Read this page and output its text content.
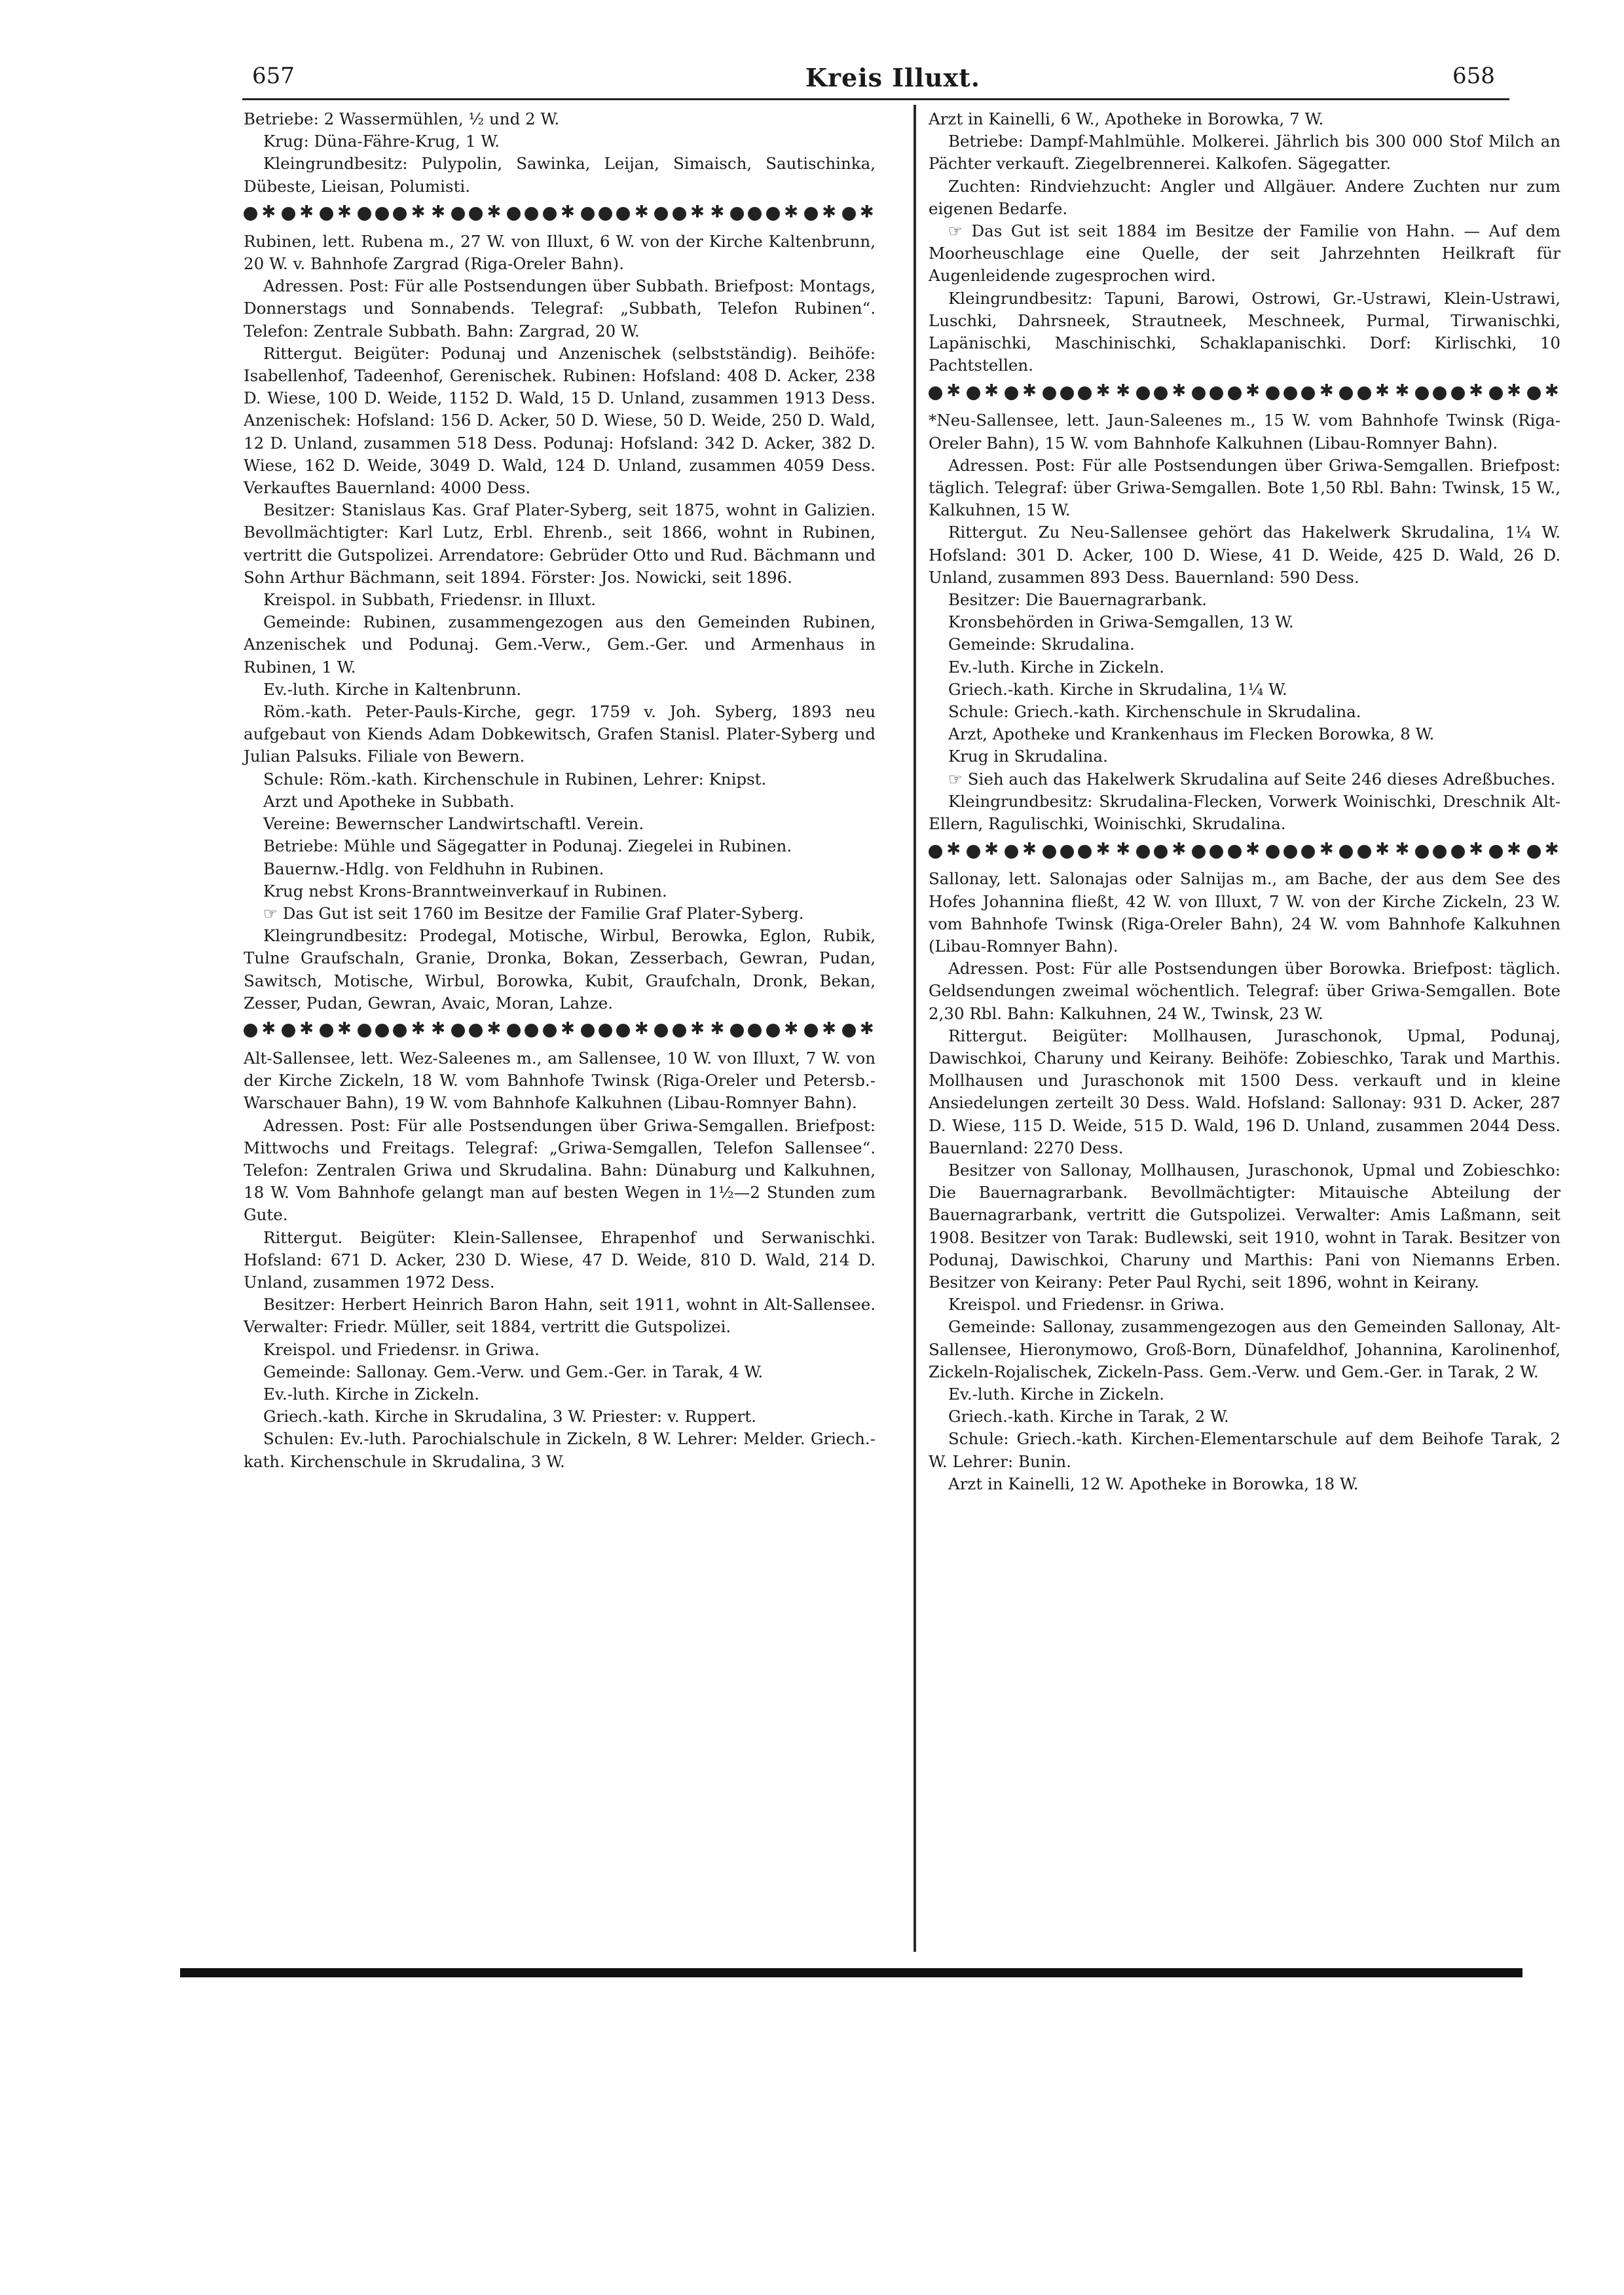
657	Kreis Illuxt.	658

Betriebe: 2 Wassermühlen, ½ und 2 W.

Krug: Düna-Fähre-Krug, 1 W.

Kleingrundbesitz: Pulypolin, Sawinka, Leijan, Simaisch, Sautischinka, Dübeste, Lieisan, Polumisti.

✱
✱
✱
✱
✱
✱
✱
✱
✱
✱
✱
✱
✱

Rubinen, lett. Rubena m., 27 W. von Illuxt, 6 W. von der Kirche Kaltenbrunn, 20 W. v. Bahnhofe Zargrad (Riga-Oreler Bahn).

Adressen. Post: Für alle Postsendungen über Subbath. Briefpost: Montags, Donnerstags und Sonnabends. Telegraf: „Subbath, Telefon Rubinen“. Telefon: Zentrale Subbath. Bahn: Zargrad, 20 W.

Rittergut. Beigüter: Podunaj und Anzenischek (selbstständig). Beihöfe: Isabellenhof, Tadeenhof, Gerenischek. Rubinen: Hofsland: 408 D. Acker, 238 D. Wiese, 100 D. Weide, 1152 D. Wald, 15 D. Unland, zusammen 1913 Dess. Anzenischek: Hofsland: 156 D. Acker, 50 D. Wiese, 50 D. Weide, 250 D. Wald, 12 D. Unland, zusammen 518 Dess. Podunaj: Hofsland: 342 D. Acker, 382 D. Wiese, 162 D. Weide, 3049 D. Wald, 124 D. Unland, zusammen 4059 Dess. Verkauftes Bauernland: 4000 Dess.

Besitzer: Stanislaus Kas. Graf Plater-Syberg, seit 1875, wohnt in Galizien. Bevollmächtigter: Karl Lutz, Erbl. Ehrenb., seit 1866, wohnt in Rubinen, vertritt die Gutspolizei. Arrendatore: Gebrüder Otto und Rud. Bächmann und Sohn Arthur Bächmann, seit 1894. Förster: Jos. Nowicki, seit 1896.

Kreispol. in Subbath, Friedensr. in Illuxt.

Gemeinde: Rubinen, zusammengezogen aus den Gemeinden Rubinen, Anzenischek und Podunaj. Gem.-Verw., Gem.-Ger. und Armenhaus in Rubinen, 1 W.

Ev.-luth. Kirche in Kaltenbrunn.

Röm.-kath. Peter-Pauls-Kirche, gegr. 1759 v. Joh. Syberg, 1893 neu aufgebaut von Kiends Adam Dobkewitsch, Grafen Stanisl. Plater-Syberg und Julian Palsuks. Filiale von Bewern.

Schule: Röm.-kath. Kirchenschule in Rubinen, Lehrer: Knipst.

Arzt und Apotheke in Subbath.

Vereine: Bewernscher Landwirtschaftl. Verein.

Betriebe: Mühle und Sägegatter in Podunaj. Ziegelei in Rubinen.

Bauernw.-Hdlg. von Feldhuhn in Rubinen.

Krug nebst Krons-Branntweinverkauf in Rubinen.

☞ Das Gut ist seit 1760 im Besitze der Familie Graf Plater-Syberg.

Kleingrundbesitz: Prodegal, Motische, Wirbul, Berowka, Eglon, Rubik, Tulne Graufschaln, Granie, Dronka, Bokan, Zesserbach, Gewran, Pudan, Sawitsch, Motische, Wirbul, Borowka, Kubit, Graufchaln, Dronk, Bekan, Zesser, Pudan, Gewran, Avaic, Moran, Lahze.

✱
✱
✱
✱
✱
✱
✱
✱
✱
✱
✱
✱
✱

Alt-Sallensee, lett. Wez-Saleenes m., am Sallensee, 10 W. von Illuxt, 7 W. von der Kirche Zickeln, 18 W. vom Bahnhofe Twinsk (Riga-Oreler und Petersb.-Warschauer Bahn), 19 W. vom Bahnhofe Kalkuhnen (Libau-Romnyer Bahn).

Adressen. Post: Für alle Postsendungen über Griwa-Semgallen. Briefpost: Mittwochs und Freitags. Telegraf: „Griwa-Semgallen, Telefon Sallensee“. Telefon: Zentralen Griwa und Skrudalina. Bahn: Dünaburg und Kalkuhnen, 18 W. Vom Bahnhofe gelangt man auf besten Wegen in 1½—2 Stunden zum Gute.

Rittergut. Beigüter: Klein-Sallensee, Ehrapenhof und Serwanischki. Hofsland: 671 D. Acker, 230 D. Wiese, 47 D. Weide, 810 D. Wald, 214 D. Unland, zusammen 1972 Dess.

Besitzer: Herbert Heinrich Baron Hahn, seit 1911, wohnt in Alt-Sallensee. Verwalter: Friedr. Müller, seit 1884, vertritt die Gutspolizei.

Kreispol. und Friedensr. in Griwa.

Gemeinde: Sallonay. Gem.-Verw. und Gem.-Ger. in Tarak, 4 W.

Ev.-luth. Kirche in Zickeln.

Griech.-kath. Kirche in Skrudalina, 3 W. Priester: v. Ruppert.

Schulen: Ev.-luth. Parochialschule in Zickeln, 8 W. Lehrer: Melder. Griech.-kath. Kirchenschule in Skrudalina, 3 W.

Arzt in Kainelli, 6 W., Apotheke in Borowka, 7 W.

Betriebe: Dampf-Mahlmühle. Molkerei. Jährlich bis 300 000 Stof Milch an Pächter verkauft. Ziegelbrennerei. Kalkofen. Sägegatter.

Zuchten: Rindviehzucht: Angler und Allgäuer. Andere Zuchten nur zum eigenen Bedarfe.

☞ Das Gut ist seit 1884 im Besitze der Familie von Hahn. — Auf dem Moorheuschlage eine Quelle, der seit Jahrzehnten Heilkraft für Augenleidende zugesprochen wird.

Kleingrundbesitz: Tapuni, Barowi, Ostrowi, Gr.-Ustrawi, Klein-Ustrawi, Luschki, Dahrsneek, Strautneek, Meschneek, Purmal, Tirwanischki, Lapänischki, Maschinischki, Schaklapanischki. Dorf: Kirlischki, 10 Pachtstellen.

✱
✱
✱
✱
✱
✱
✱
✱
✱
✱
✱
✱
✱

*Neu-Sallensee, lett. Jaun-Saleenes m., 15 W. vom Bahnhofe Twinsk (Riga-Oreler Bahn), 15 W. vom Bahnhofe Kalkuhnen (Libau-Romnyer Bahn).

Adressen. Post: Für alle Postsendungen über Griwa-Semgallen. Briefpost: täglich. Telegraf: über Griwa-Semgallen. Bote 1,50 Rbl. Bahn: Twinsk, 15 W., Kalkuhnen, 15 W.

Rittergut. Zu Neu-Sallensee gehört das Hakelwerk Skrudalina, 1¼ W. Hofsland: 301 D. Acker, 100 D. Wiese, 41 D. Weide, 425 D. Wald, 26 D. Unland, zusammen 893 Dess. Bauernland: 590 Dess.

Besitzer: Die Bauernagrarbank.

Kronsbehörden in Griwa-Semgallen, 13 W.

Gemeinde: Skrudalina.

Ev.-luth. Kirche in Zickeln.

Griech.-kath. Kirche in Skrudalina, 1¼ W.

Schule: Griech.-kath. Kirchenschule in Skrudalina.

Arzt, Apotheke und Krankenhaus im Flecken Borowka, 8 W.

Krug in Skrudalina.

☞ Sieh auch das Hakelwerk Skrudalina auf Seite 246 dieses Adreßbuches.

Kleingrundbesitz: Skrudalina-Flecken, Vorwerk Woinischki, Dreschnik Alt-Ellern, Ragulischki, Woinischki, Skrudalina.

✱
✱
✱
✱
✱
✱
✱
✱
✱
✱
✱
✱
✱

Sallonay, lett. Salonajas oder Salnijas m., am Bache, der aus dem See des Hofes Johannina fließt, 42 W. von Illuxt, 7 W. von der Kirche Zickeln, 23 W. vom Bahnhofe Twinsk (Riga-Oreler Bahn), 24 W. vom Bahnhofe Kalkuhnen (Libau-Romnyer Bahn).

Adressen. Post: Für alle Postsendungen über Borowka. Briefpost: täglich. Geldsendungen zweimal wöchentlich. Telegraf: über Griwa-Semgallen. Bote 2,30 Rbl. Bahn: Kalkuhnen, 24 W., Twinsk, 23 W.

Rittergut. Beigüter: Mollhausen, Juraschonok, Upmal, Podunaj, Dawischkoi, Charuny und Keirany. Beihöfe: Zobieschko, Tarak und Marthis. Mollhausen und Juraschonok mit 1500 Dess. verkauft und in kleine Ansiedelungen zerteilt 30 Dess. Wald. Hofsland: Sallonay: 931 D. Acker, 287 D. Wiese, 115 D. Weide, 515 D. Wald, 196 D. Unland, zusammen 2044 Dess. Bauernland: 2270 Dess.

Besitzer von Sallonay, Mollhausen, Juraschonok, Upmal und Zobieschko: Die Bauernagrarbank. Bevollmächtigter: Mitauische Abteilung der Bauernagrarbank, vertritt die Gutspolizei. Verwalter: Amis Laßmann, seit 1908. Besitzer von Tarak: Budlewski, seit 1910, wohnt in Tarak. Besitzer von Podunaj, Dawischkoi, Charuny und Marthis: Pani von Niemanns Erben. Besitzer von Keirany: Peter Paul Rychi, seit 1896, wohnt in Keirany.

Kreispol. und Friedensr. in Griwa.

Gemeinde: Sallonay, zusammengezogen aus den Gemeinden Sallonay, Alt-Sallensee, Hieronymowo, Groß-Born, Dünafeldhof, Johannina, Karolinenhof, Zickeln-Rojalischek, Zickeln-Pass. Gem.-Verw. und Gem.-Ger. in Tarak, 2 W.

Ev.-luth. Kirche in Zickeln.

Griech.-kath. Kirche in Tarak, 2 W.

Schule: Griech.-kath. Kirchen-Elementarschule auf dem Beihofe Tarak, 2 W. Lehrer: Bunin.

Arzt in Kainelli, 12 W. Apotheke in Borowka, 18 W.
